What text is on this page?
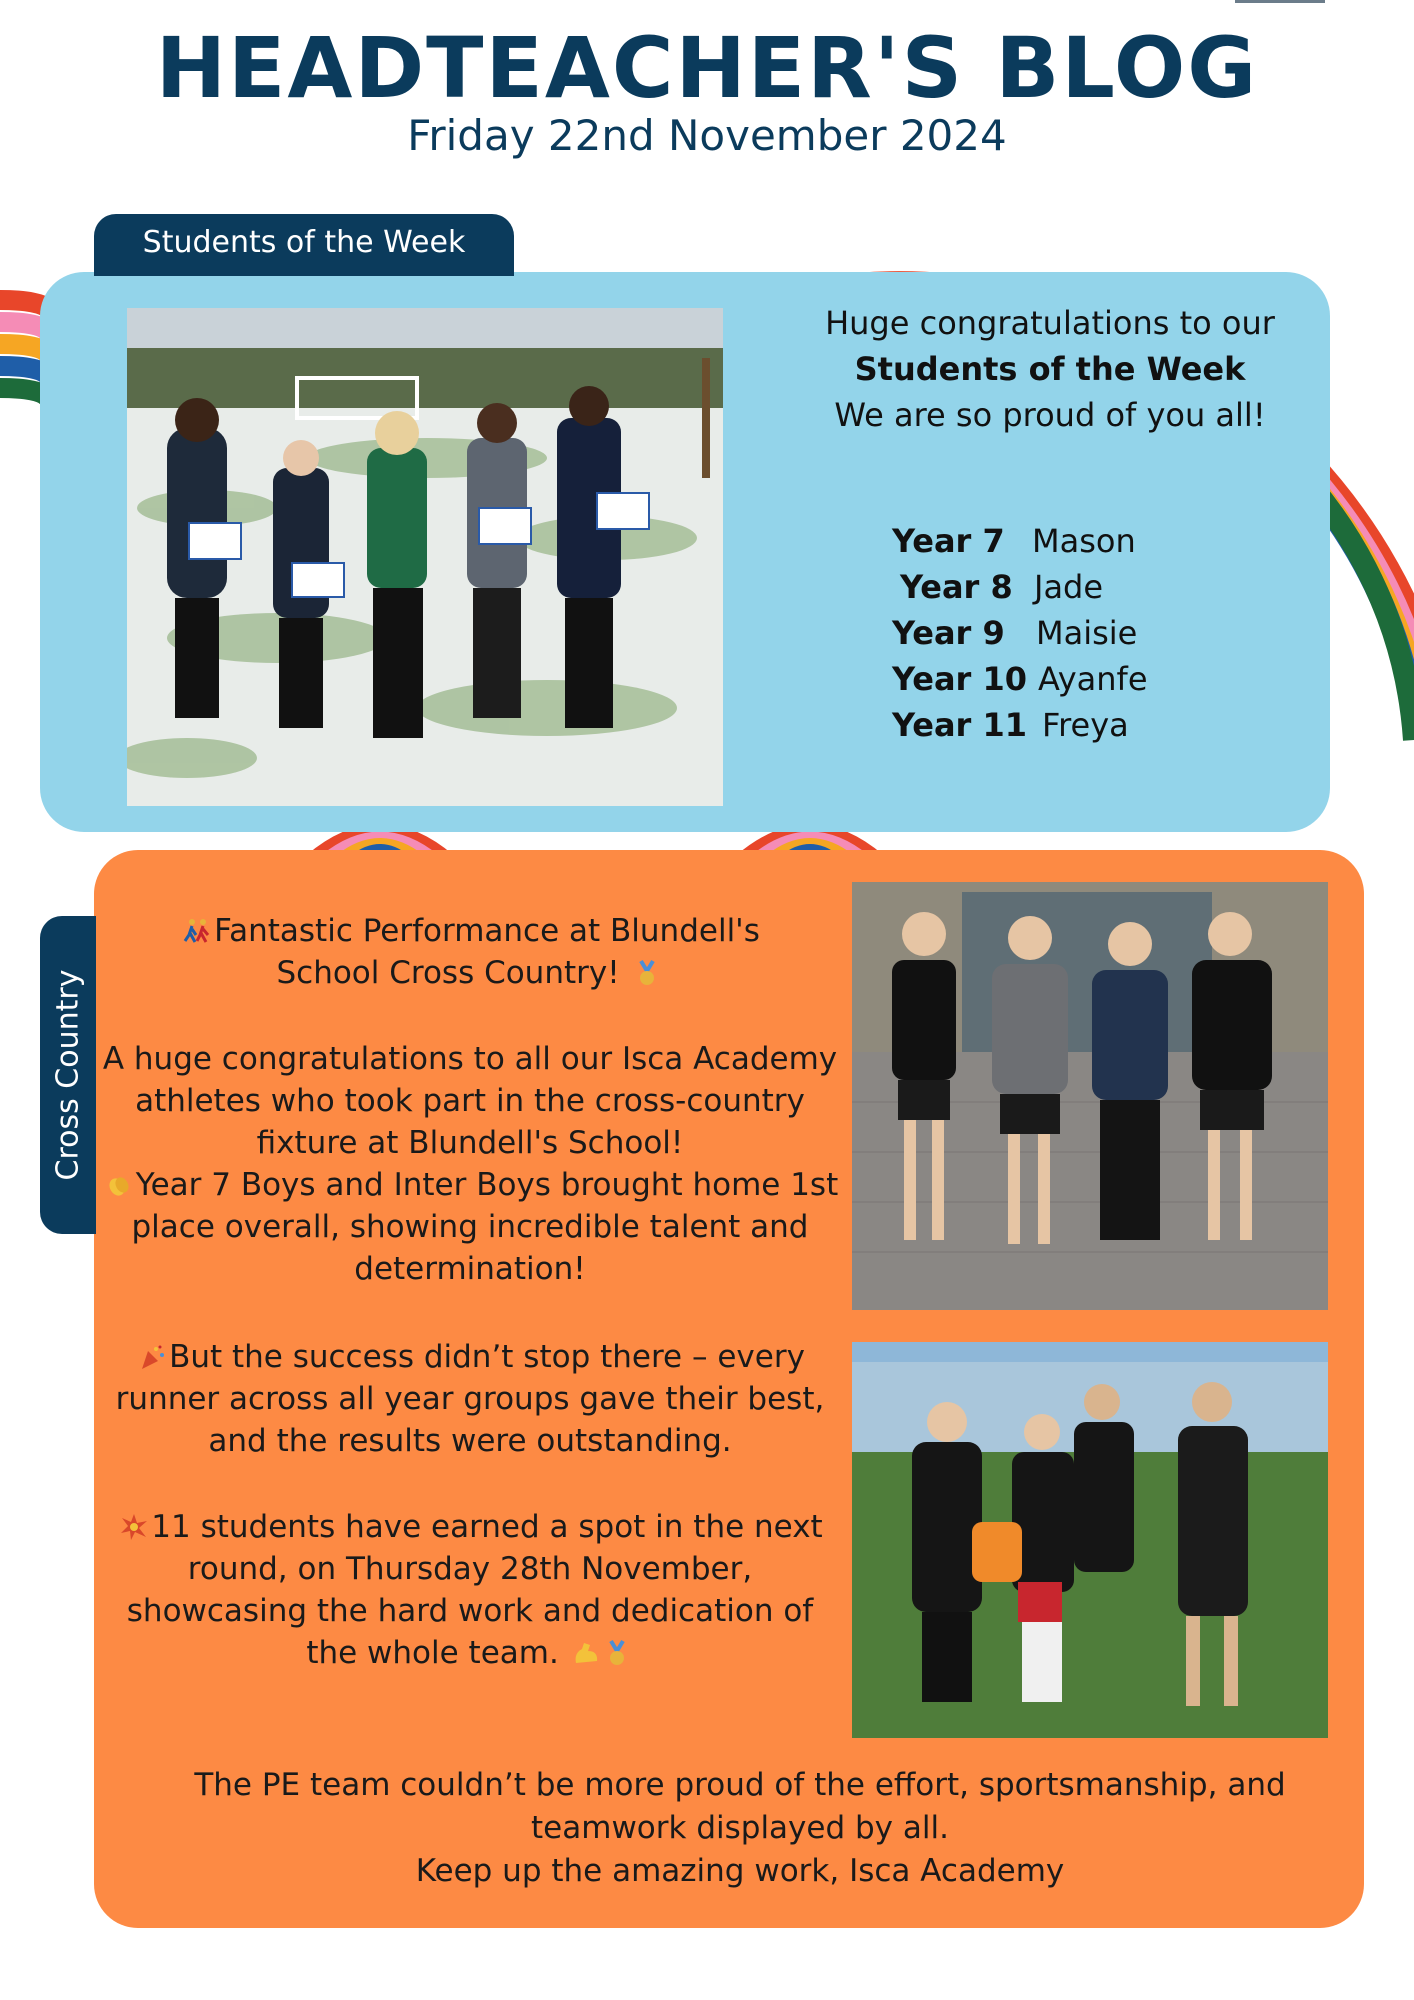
HEADTEACHER'S BLOG
Friday 22nd November 2024
Students of the Week
Huge congratulations to our
Students of the Week
We are so proud of you all!
Year 7 Mason
Year 8 Jade
Year 9 Maisie
Year 10 Ayanfe
Year 11 Freya
Cross Country
Fantastic Performance at Blundell's
School Cross Country!
A huge congratulations to all our Isca Academy athletes who took part in the cross-country fixture at Blundell's School!
Year 7 Boys and Inter Boys brought home 1st place overall, showing incredible talent and determination!
But the success didn’t stop there – every runner across all year groups gave their best, and the results were outstanding.
11 students have earned a spot in the next round, on Thursday 28th November, showcasing the hard work and dedication of the whole team.
The PE team couldn’t be more proud of the effort, sportsmanship, and teamwork displayed by all.
Keep up the amazing work, Isca Academy
